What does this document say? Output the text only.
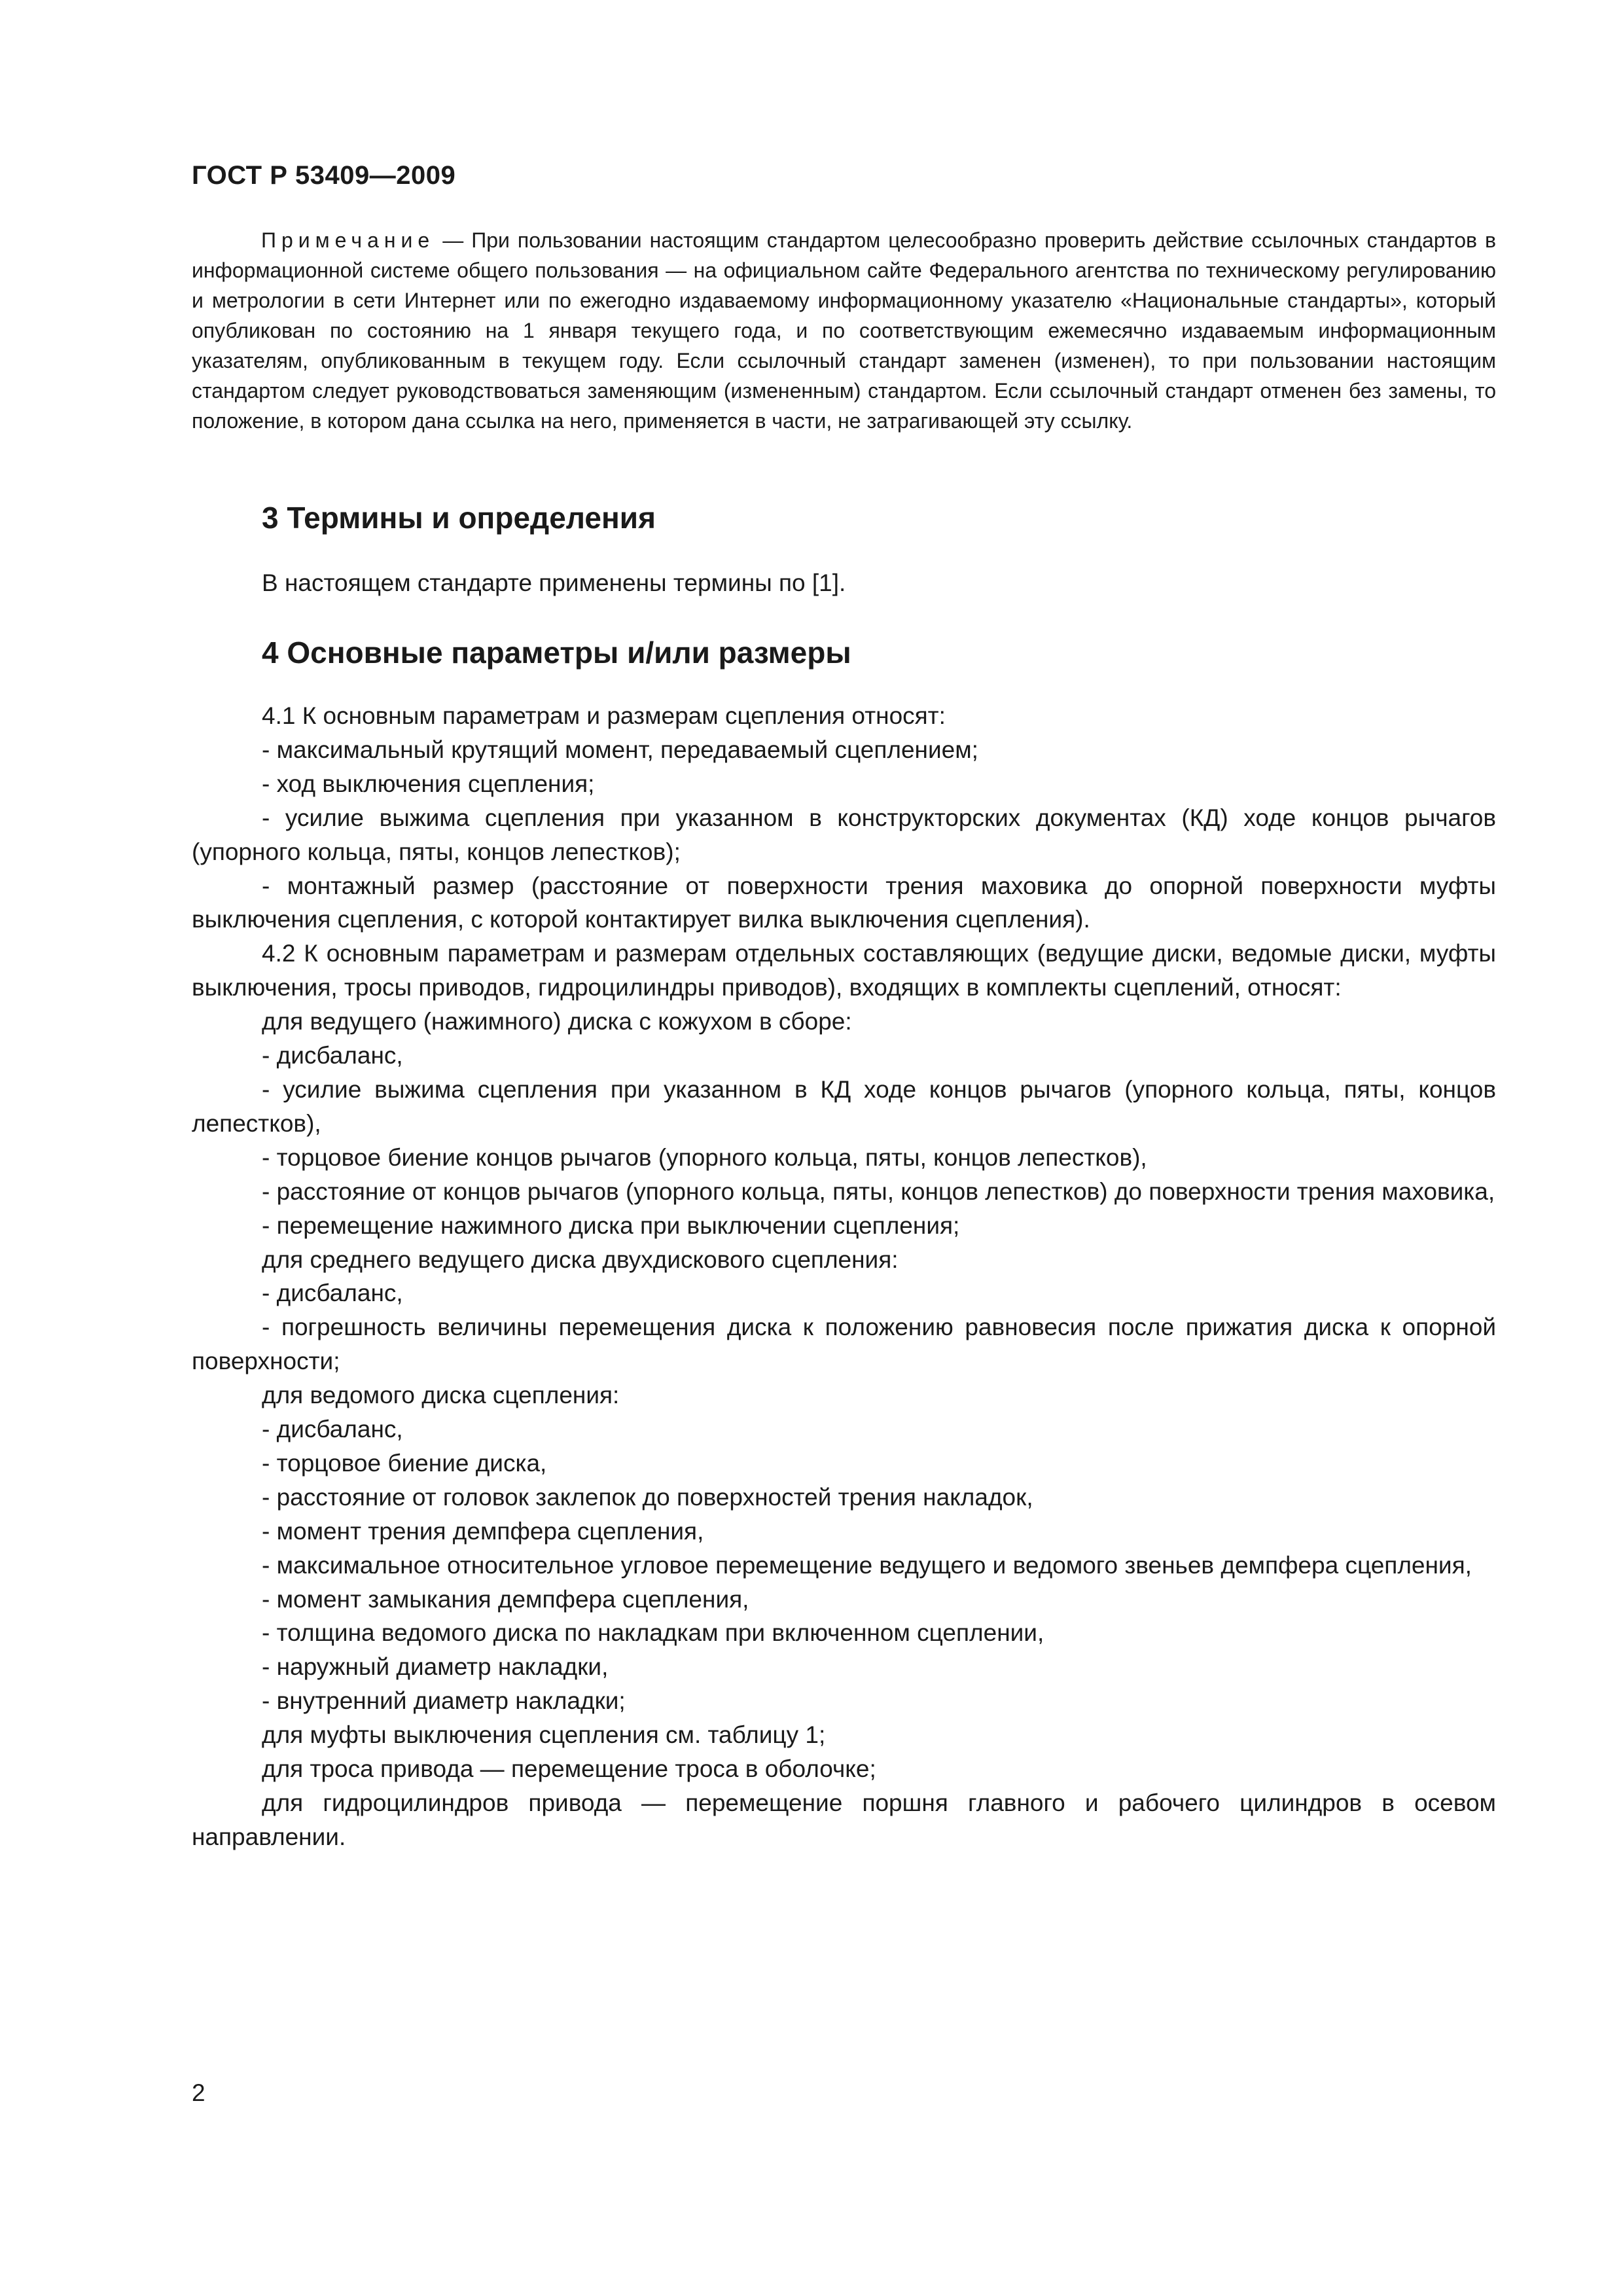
ГОСТ Р 53409—2009

Примечание — При пользовании настоящим стандартом целесообразно проверить действие ссылочных стандартов в информационной системе общего пользования — на официальном сайте Федерального агентства по техническому регулированию и метрологии в сети Интернет или по ежегодно издаваемому информационному указателю «Национальные стандарты», который опубликован по состоянию на 1 января текущего года, и по соответствующим ежемесячно издаваемым информационным указателям, опубликованным в текущем году. Если ссылочный стандарт заменен (изменен), то при пользовании настоящим стандартом следует руководствоваться заменяющим (измененным) стандартом. Если ссылочный стандарт отменен без замены, то положение, в котором дана ссылка на него, применяется в части, не затрагивающей эту ссылку.

3 Термины и определения

В настоящем стандарте применены термины по [1].

4 Основные параметры и/или размеры

4.1 К основным параметрам и размерам сцепления относят:

- максимальный крутящий момент, передаваемый сцеплением;

- ход выключения сцепления;

- усилие выжима сцепления при указанном в конструкторских документах (КД) ходе концов рычагов (упорного кольца, пяты, концов лепестков);

- монтажный размер (расстояние от поверхности трения маховика до опорной поверхности муфты выключения сцепления, с которой контактирует вилка выключения сцепления).

4.2 К основным параметрам и размерам отдельных составляющих (ведущие диски, ведомые диски, муфты выключения, тросы приводов, гидроцилиндры приводов), входящих в комплекты сцеплений, относят:

для ведущего (нажимного) диска с кожухом в сборе:

- дисбаланс,

- усилие выжима сцепления при указанном в КД ходе концов рычагов (упорного кольца, пяты, концов лепестков),

- торцовое биение концов рычагов (упорного кольца, пяты, концов лепестков),

- расстояние от концов рычагов (упорного кольца, пяты, концов лепестков) до поверхности трения маховика,

- перемещение нажимного диска при выключении сцепления;

для среднего ведущего диска двухдискового сцепления:

- дисбаланс,

- погрешность величины перемещения диска к положению равновесия после прижатия диска к опорной поверхности;

для ведомого диска сцепления:

- дисбаланс,

- торцовое биение диска,

- расстояние от головок заклепок до поверхностей трения накладок,

- момент трения демпфера сцепления,

- максимальное относительное угловое перемещение ведущего и ведомого звеньев демпфера сцепления,

- момент замыкания демпфера сцепления,

- толщина ведомого диска по накладкам при включенном сцеплении,

- наружный диаметр накладки,

- внутренний диаметр накладки;

для муфты выключения сцепления см. таблицу 1;

для троса привода — перемещение троса в оболочке;

для гидроцилиндров привода — перемещение поршня главного и рабочего цилиндров в осевом направлении.

2
